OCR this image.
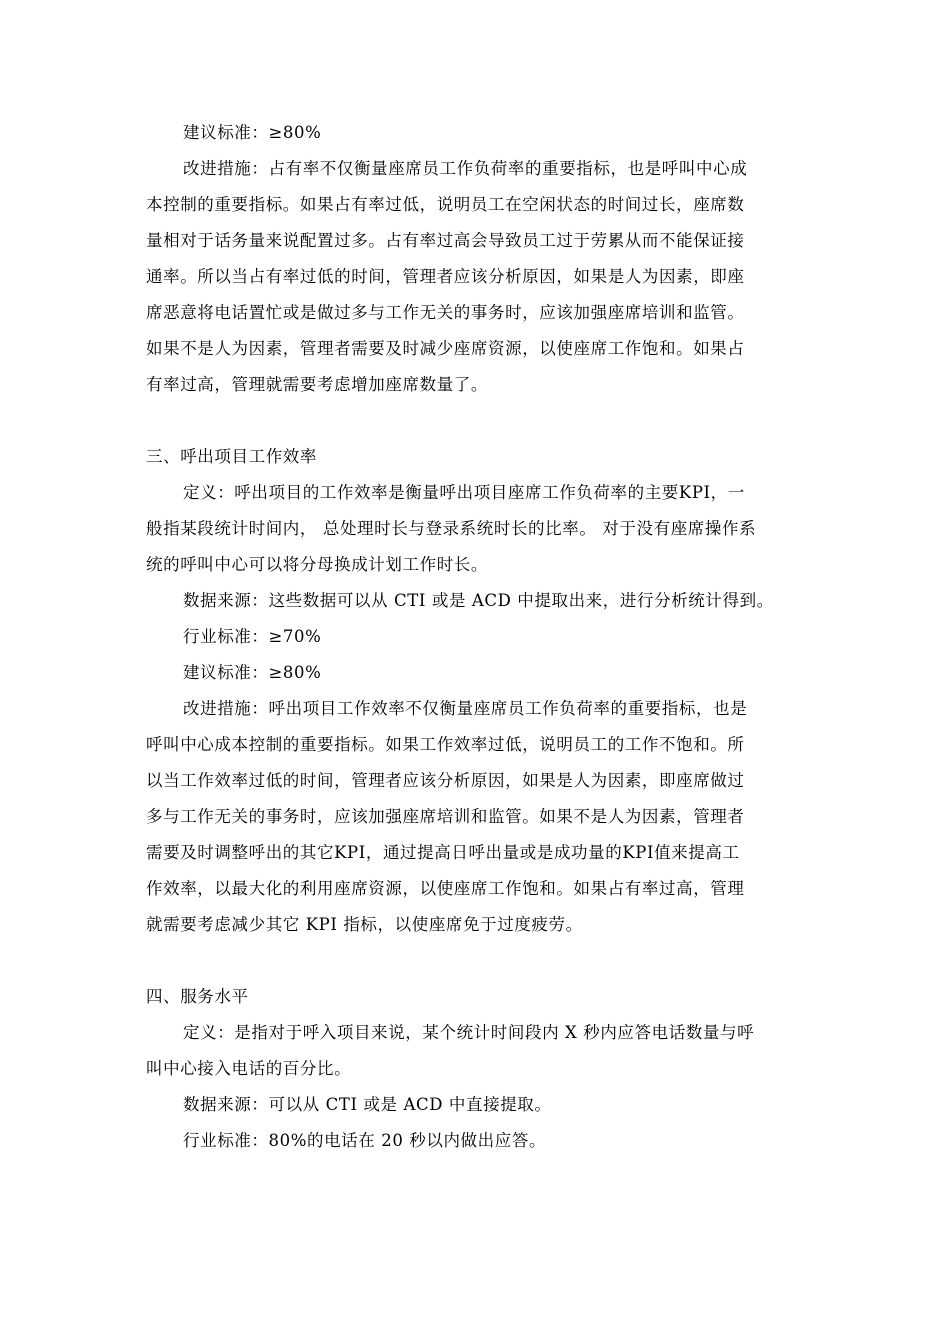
建议标准：≥80%
改进措施：占有率不仅衡量座席员工作负荷率的重要指标，也是呼叫中心成
本控制的重要指标。如果占有率过低，说明员工在空闲状态的时间过长，座席数
量相对于话务量来说配置过多。占有率过高会导致员工过于劳累从而不能保证接
通率。所以当占有率过低的时间，管理者应该分析原因，如果是人为因素，即座
席恶意将电话置忙或是做过多与工作无关的事务时，应该加强座席培训和监管。
如果不是人为因素，管理者需要及时减少座席资源，以使座席工作饱和。如果占
有率过高，管理就需要考虑增加座席数量了。
三、呼出项目工作效率
定义：呼出项目的工作效率是衡量呼出项目座席工作负荷率的主要KPI，一
般指某段统计时间内， 总处理时长与登录系统时长的比率。 对于没有座席操作系
统的呼叫中心可以将分母换成计划工作时长。
数据来源：这些数据可以从 CTI 或是 ACD 中提取出来，进行分析统计得到。
行业标准：≥70%
建议标准：≥80%
改进措施：呼出项目工作效率不仅衡量座席员工作负荷率的重要指标，也是
呼叫中心成本控制的重要指标。如果工作效率过低，说明员工的工作不饱和。所
以当工作效率过低的时间，管理者应该分析原因，如果是人为因素，即座席做过
多与工作无关的事务时，应该加强座席培训和监管。如果不是人为因素，管理者
需要及时调整呼出的其它KPI，通过提高日呼出量或是成功量的KPI值来提高工
作效率，以最大化的利用座席资源，以使座席工作饱和。如果占有率过高，管理
就需要考虑减少其它 KPI 指标，以使座席免于过度疲劳。
四、服务水平
定义：是指对于呼入项目来说，某个统计时间段内 X 秒内应答电话数量与呼
叫中心接入电话的百分比。
数据来源：可以从 CTI 或是 ACD 中直接提取。
行业标准：80%的电话在 20 秒以内做出应答。
